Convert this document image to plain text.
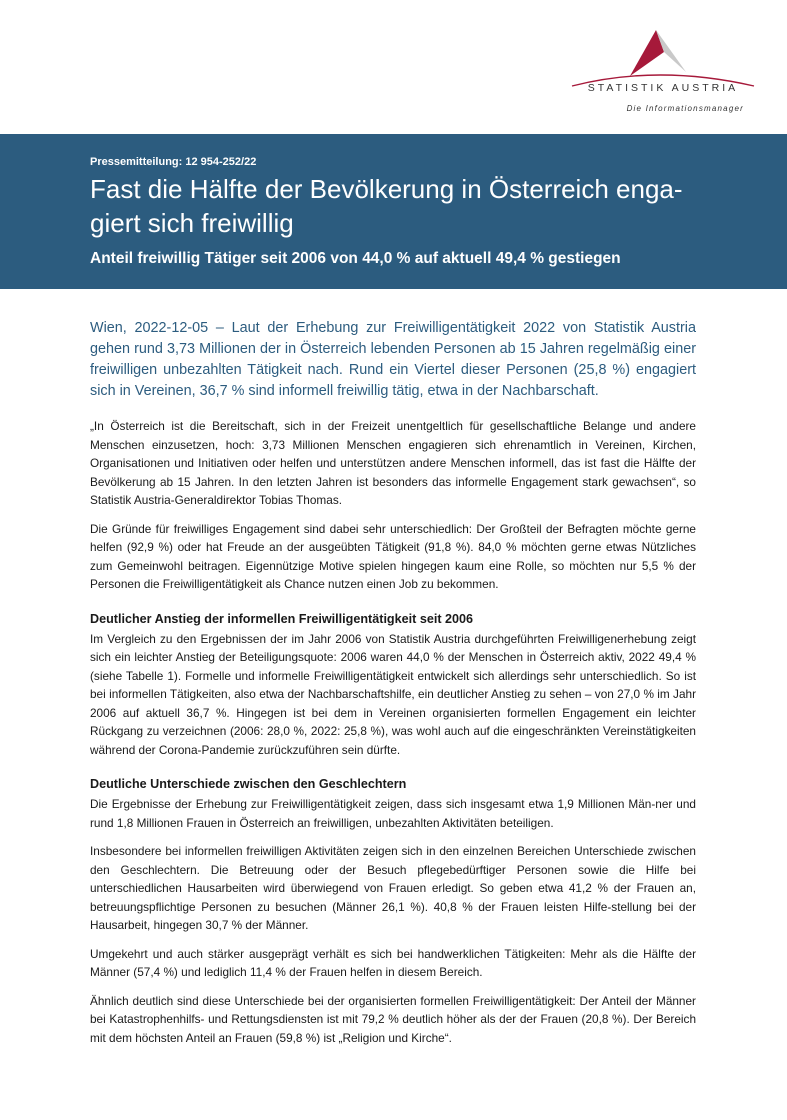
STATISTIK AUSTRIA
Die Informationsmanager
Pressemitteilung: 12 954-252/22
Fast die Hälfte der Bevölkerung in Österreich enga-giert sich freiwillig
Anteil freiwillig Tätiger seit 2006 von 44,0 % auf aktuell 49,4 % gestiegen

Wien, 2022-12-05 – Laut der Erhebung zur Freiwilligentätigkeit 2022 von Statistik Austria gehen rund 3,73 Millionen der in Österreich lebenden Personen ab 15 Jahren regelmäßig einer freiwilligen unbezahlten Tätigkeit nach. Rund ein Viertel dieser Personen (25,8 %) engagiert sich in Vereinen, 36,7 % sind informell freiwillig tätig, etwa in der Nachbarschaft.

„In Österreich ist die Bereitschaft, sich in der Freizeit unentgeltlich für gesellschaftliche Belange und andere Menschen einzusetzen, hoch: 3,73 Millionen Menschen engagieren sich ehrenamtlich in Vereinen, Kirchen, Organisationen und Initiativen oder helfen und unterstützen andere Menschen informell, das ist fast die Hälfte der Bevölkerung ab 15 Jahren. In den letzten Jahren ist besonders das informelle Engagement stark gewachsen“, so Statistik Austria-Generaldirektor Tobias Thomas.

Die Gründe für freiwilliges Engagement sind dabei sehr unterschiedlich: Der Großteil der Befragten möchte gerne helfen (92,9 %) oder hat Freude an der ausgeübten Tätigkeit (91,8 %). 84,0 % möchten gerne etwas Nützliches zum Gemeinwohl beitragen. Eigennützige Motive spielen hingegen kaum eine Rolle, so möchten nur 5,5 % der Personen die Freiwilligentätigkeit als Chance nutzen einen Job zu bekommen.

Deutlicher Anstieg der informellen Freiwilligentätigkeit seit 2006

Im Vergleich zu den Ergebnissen der im Jahr 2006 von Statistik Austria durchgeführten Freiwilligenerhebung zeigt sich ein leichter Anstieg der Beteiligungsquote: 2006 waren 44,0 % der Menschen in Österreich aktiv, 2022 49,4 % (siehe Tabelle 1). Formelle und informelle Freiwilligentätigkeit entwickelt sich allerdings sehr unterschiedlich. So ist bei informellen Tätigkeiten, also etwa der Nachbarschaftshilfe, ein deutlicher Anstieg zu sehen – von 27,0 % im Jahr 2006 auf aktuell 36,7 %. Hingegen ist bei dem in Vereinen organisierten formellen Engagement ein leichter Rückgang zu verzeichnen (2006: 28,0 %, 2022: 25,8 %), was wohl auch auf die eingeschränkten Vereinstätigkeiten während der Corona-Pandemie zurückzuführen sein dürfte.

Deutliche Unterschiede zwischen den Geschlechtern

Die Ergebnisse der Erhebung zur Freiwilligentätigkeit zeigen, dass sich insgesamt etwa 1,9 Millionen Män-ner und rund 1,8 Millionen Frauen in Österreich an freiwilligen, unbezahlten Aktivitäten beteiligen.

Insbesondere bei informellen freiwilligen Aktivitäten zeigen sich in den einzelnen Bereichen Unterschiede zwischen den Geschlechtern. Die Betreuung oder der Besuch pflegebedürftiger Personen sowie die Hilfe bei unterschiedlichen Hausarbeiten wird überwiegend von Frauen erledigt. So geben etwa 41,2 % der Frauen an, betreuungspflichtige Personen zu besuchen (Männer 26,1 %). 40,8 % der Frauen leisten Hilfe-stellung bei der Hausarbeit, hingegen 30,7 % der Männer.

Umgekehrt und auch stärker ausgeprägt verhält es sich bei handwerklichen Tätigkeiten: Mehr als die Hälfte der Männer (57,4 %) und lediglich 11,4 % der Frauen helfen in diesem Bereich.

Ähnlich deutlich sind diese Unterschiede bei der organisierten formellen Freiwilligentätigkeit: Der Anteil der Männer bei Katastrophenhilfs- und Rettungsdiensten ist mit 79,2 % deutlich höher als der der Frauen (20,8 %). Der Bereich mit dem höchsten Anteil an Frauen (59,8 %) ist „Religion und Kirche“.
